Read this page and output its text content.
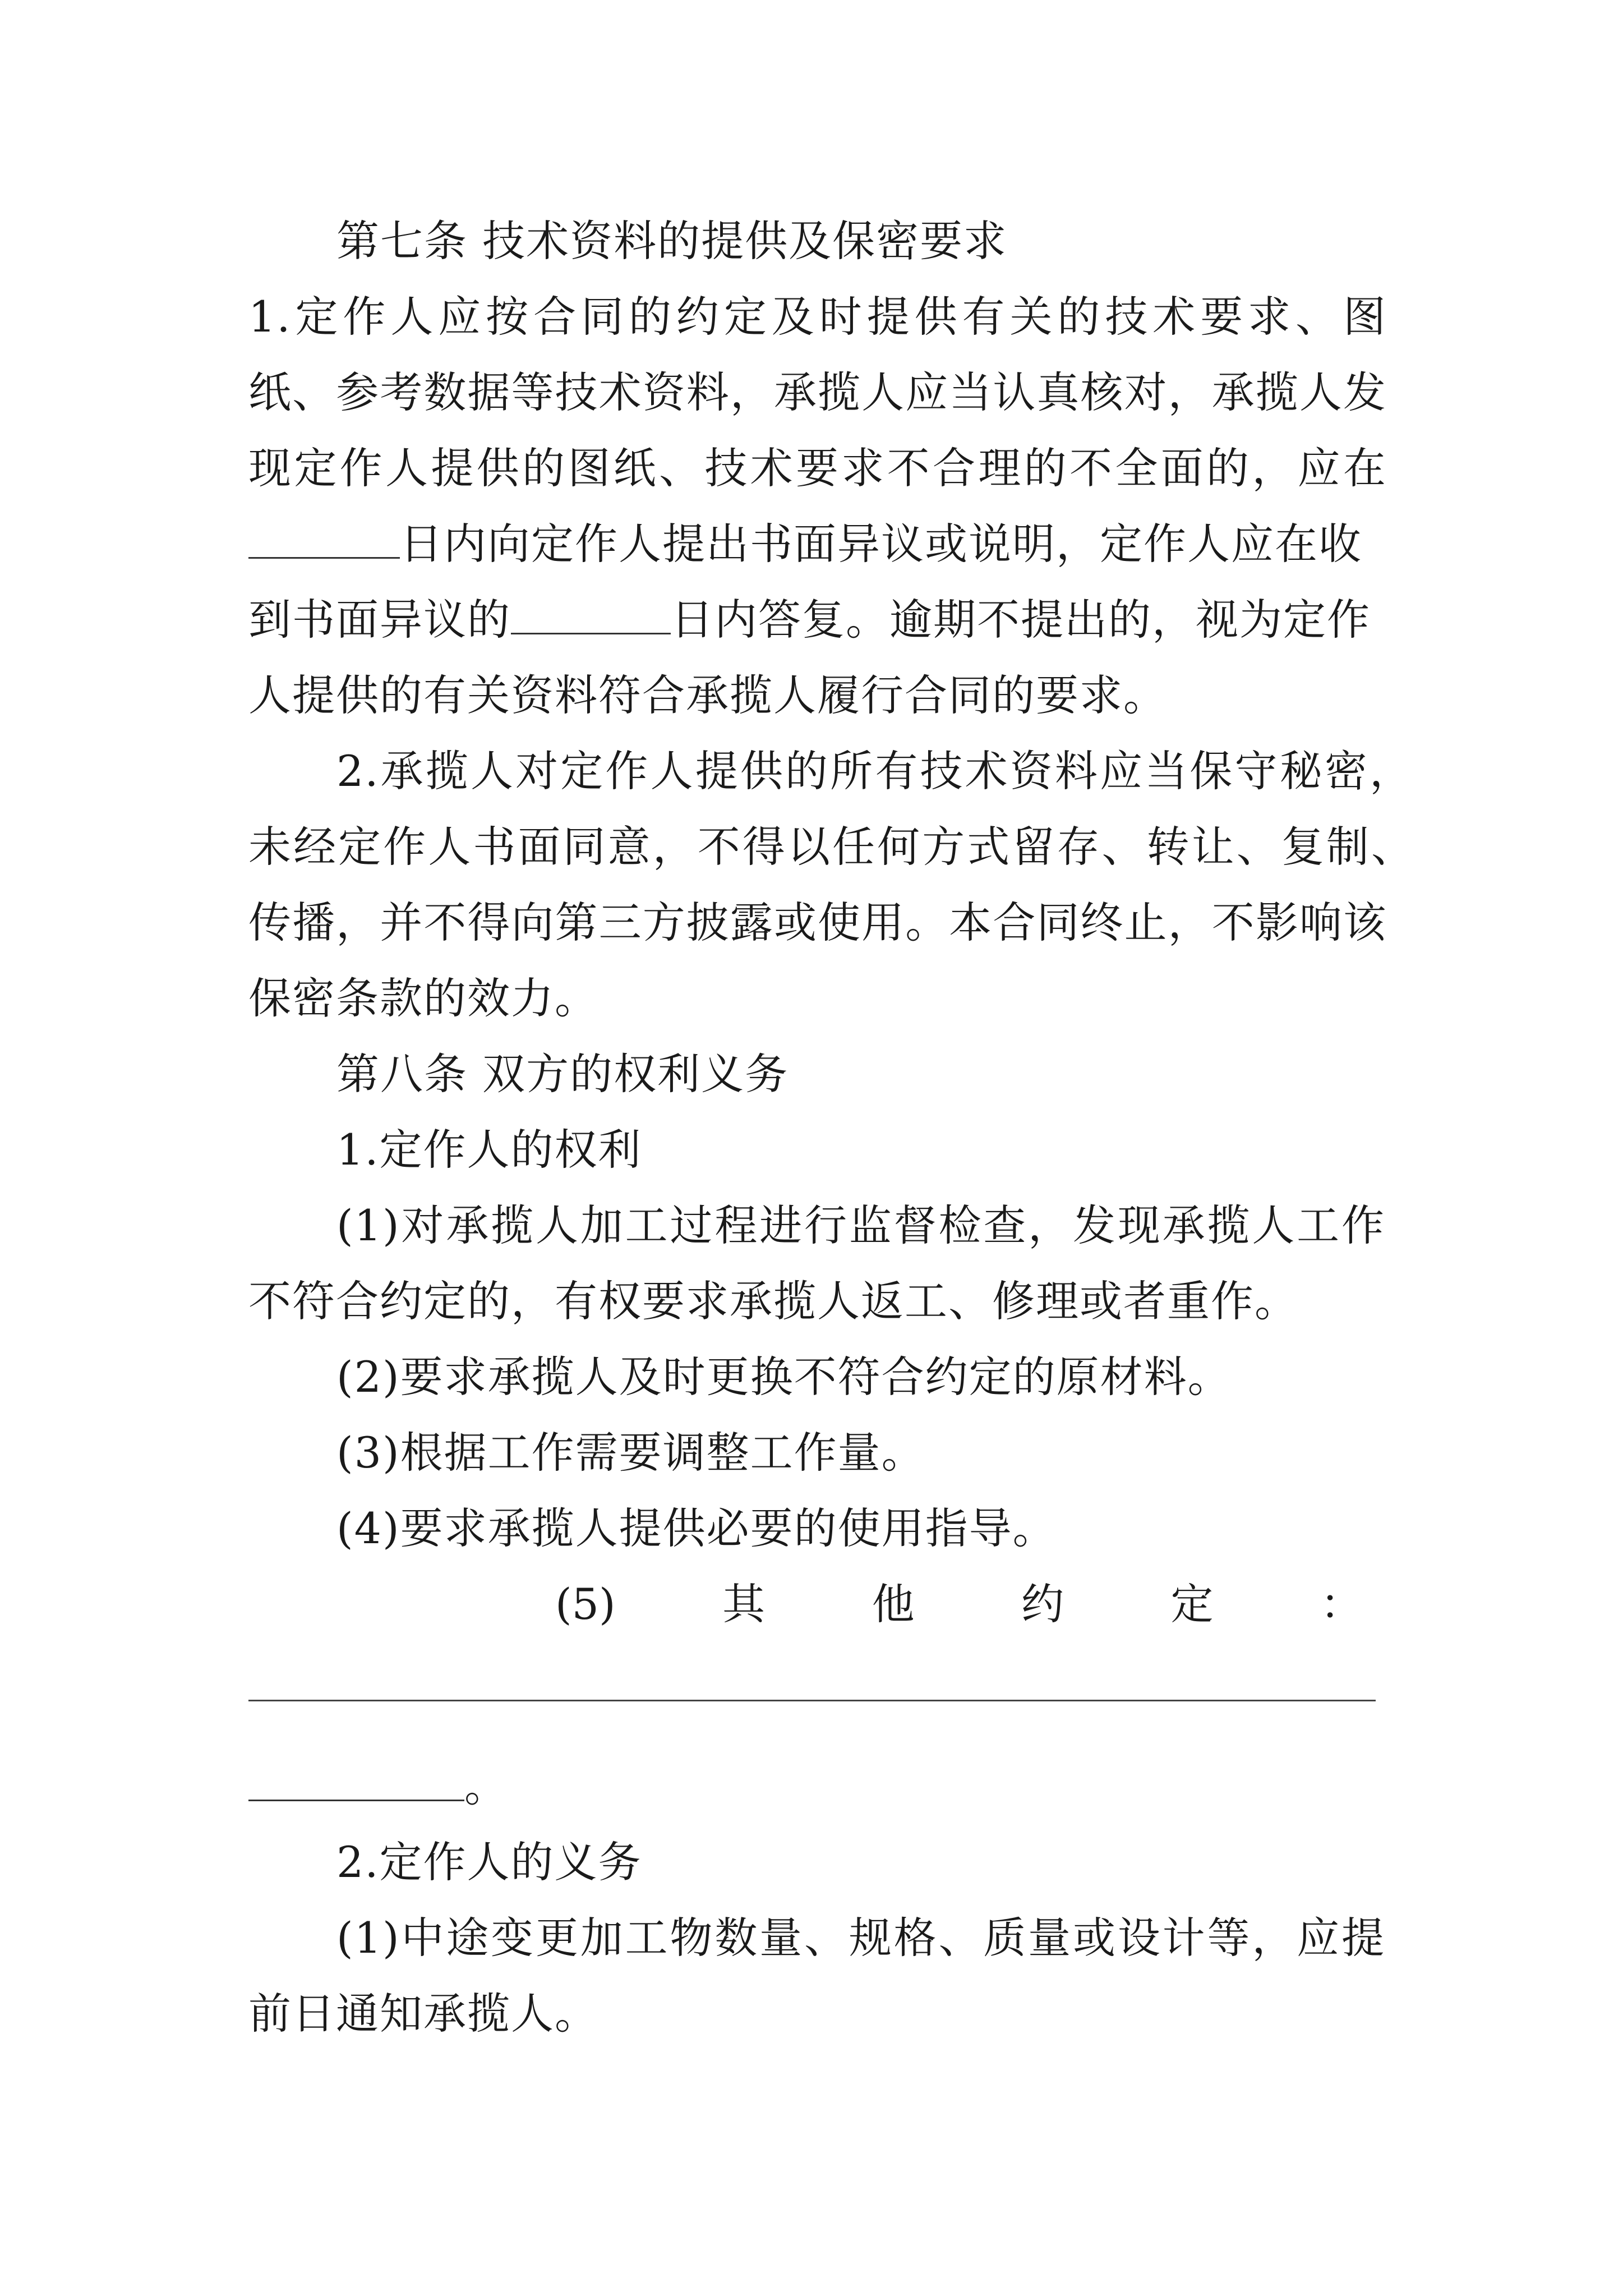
第七条 技术资料的提供及保密要求
1.定作人应按合同的约定及时提供有关的技术要求、图
纸、参考数据等技术资料，承揽人应当认真核对，承揽人发
现定作人提供的图纸、技术要求不合理的不全面的，应在
日内向定作人提出书面异议或说明，定作人应在收
到书面异议的	日内答复。逾期不提出的，视为定作
人提供的有关资料符合承揽人履行合同的要求。
2.承揽人对定作人提供的所有技术资料应当保守秘密，
未经定作人书面同意，不得以任何方式留存、转让、复制、
传播，并不得向第三方披露或使用。本合同终止，不影响该
保密条款的效力。
第八条 双方的权利义务
1.定作人的权利
(1)对承揽人加工过程进行监督检查，发现承揽人工作
不符合约定的，有权要求承揽人返工、修理或者重作。
(2)要求承揽人及时更换不符合约定的原材料。
(3)根据工作需要调整工作量。
(4)要求承揽人提供必要的使用指导。
(5)	其	他	约	定	：
。
2.定作人的义务
(1)中途变更加工物数量、规格、质量或设计等，应提
前日通知承揽人。
